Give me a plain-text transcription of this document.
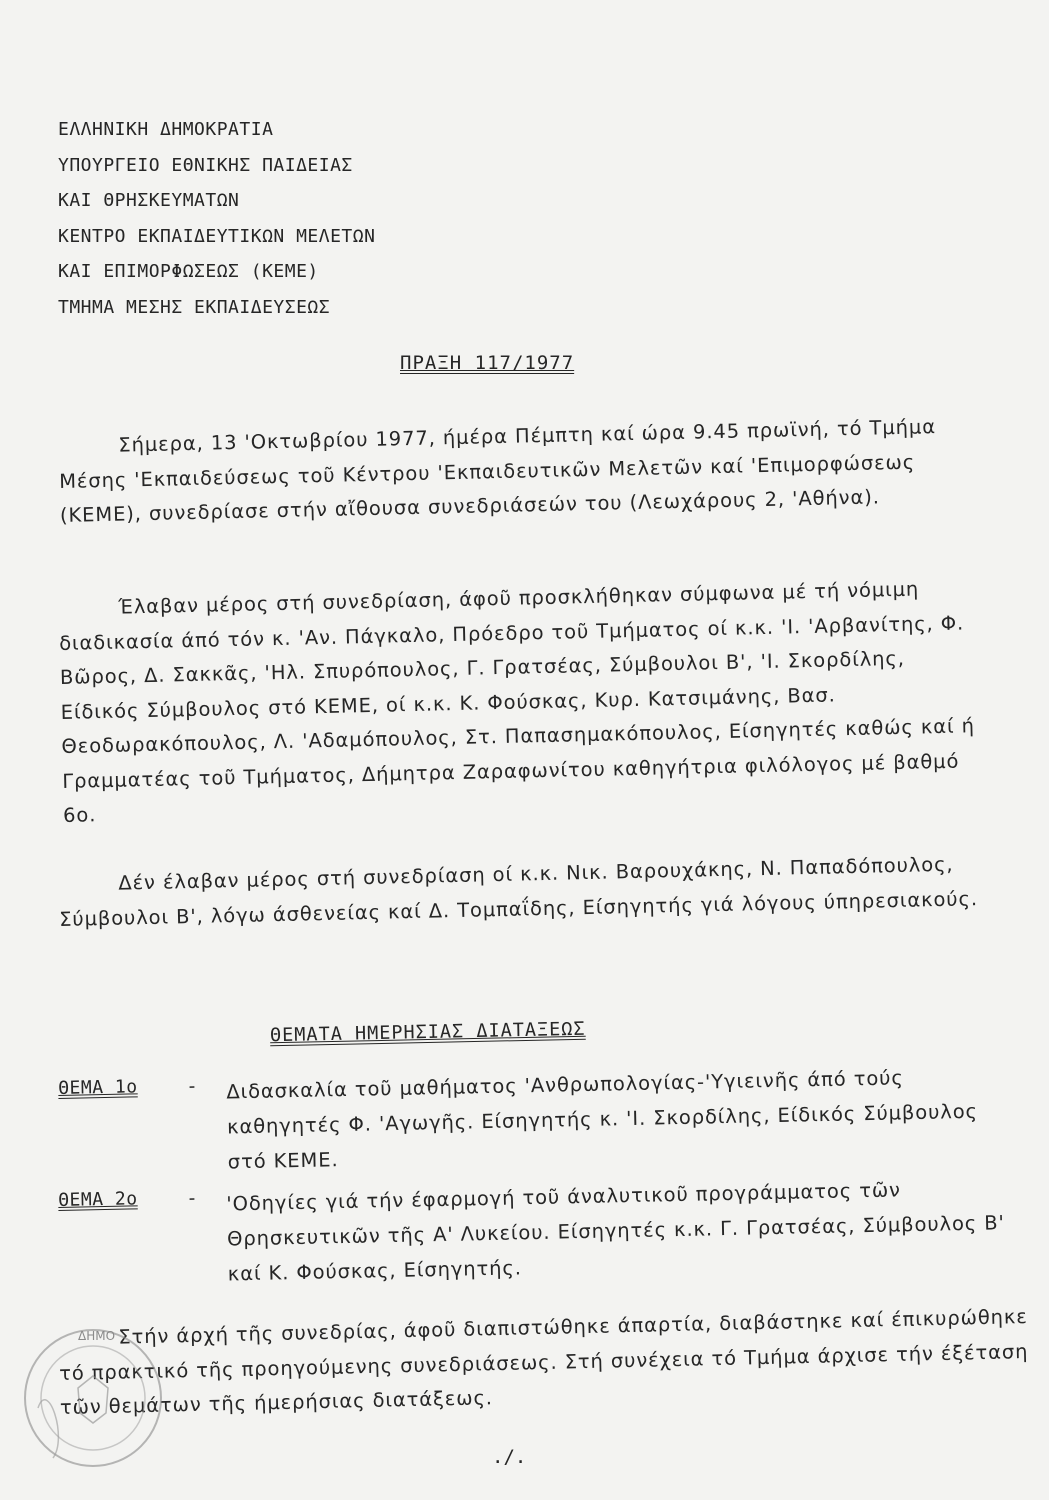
ΕΛΛΗΝΙΚΗ ΔΗΜΟΚΡΑΤΙΑ
ΥΠΟΥΡΓΕΙΟ ΕΘΝΙΚΗΣ ΠΑΙΔΕΙΑΣ
ΚΑΙ ΘΡΗΣΚΕΥΜΑΤΩΝ
ΚΕΝΤΡΟ ΕΚΠΑΙΔΕΥΤΙΚΩΝ ΜΕΛΕΤΩΝ
ΚΑΙ ΕΠΙΜΟΡΦΩΣΕΩΣ (ΚΕΜΕ)
ΤΜΗΜΑ ΜΕΣΗΣ ΕΚΠΑΙΔΕΥΣΕΩΣ
ΠΡΑΞΗ 117/1977
Σήμερα, 13 'Οκτωβρίου 1977, ήμέρα Πέμπτη καί ώρα 9.45 πρωϊνή, τό Τμήμα Μέσης 'Εκπαιδεύσεως τοῦ Κέντρου 'Εκπαιδευτικῶν Μελετῶν καί 'Επιμορφώσεως (ΚΕΜΕ), συνεδρίασε στήν αἴθουσα συνεδριάσεών του (Λεωχάρους 2, 'Αθήνα).
Έλαβαν μέρος στή συνεδρίαση, άφοῦ προσκλήθηκαν σύμφωνα μέ τή νόμιμη διαδικασία άπό τόν κ. 'Αν. Πάγκαλο, Πρόεδρο τοῦ Τμήματος οί κ.κ. 'Ι. 'Αρβανίτης, Φ. Βῶρος, Δ. Σακκᾶς, 'Ηλ. Σπυρόπουλος, Γ. Γρατσέας, Σύμβουλοι Β', 'Ι. Σκορδίλης, Είδικός Σύμβουλος στό ΚΕΜΕ, οί κ.κ. Κ. Φούσκας, Κυρ. Κατσιμάνης, Βασ. Θεοδωρακόπουλος, Λ. 'Αδαμόπουλος, Στ. Παπασημακόπουλος, Είσηγητές καθώς καί ή Γραμματέας τοῦ Τμήματος, Δήμητρα Ζαραφωνίτου καθηγήτρια φιλόλογος μέ βαθμό 6ο.
Δέν έλαβαν μέρος στή συνεδρίαση οί κ.κ. Νικ. Βαρουχάκης, Ν. Παπαδόπουλος, Σύμβουλοι Β', λόγω άσθενείας καί Δ. Τομπαΐδης, Είσηγητής γιά λόγους ύπηρεσιακούς.
ΘΕΜΑΤΑ ΗΜΕΡΗΣΙΑΣ ΔΙΑΤΑΞΕΩΣ
ΘΕΜΑ 1ο	- Διδασκαλία τοῦ μαθήματος 'Ανθρωπολογίας-'Υγιεινῆς άπό τούς καθηγητές Φ. 'Αγωγῆς. Είσηγητής κ. 'Ι. Σκορδίλης, Είδικός Σύμβουλος στό ΚΕΜΕ.
ΘΕΜΑ 2ο	- 'Οδηγίες γιά τήν έφαρμογή τοῦ άναλυτικοῦ προγράμματος τῶν Θρησκευτικῶν τῆς Α' Λυκείου. Είσηγητές κ.κ. Γ. Γρατσέας, Σύμβουλος Β' καί Κ. Φούσκας, Είσηγητής.
Στήν άρχή τῆς συνεδρίας, άφοῦ διαπιστώθηκε άπαρτία, διαβάστηκε καί έπικυρώθηκε τό πρακτικό τῆς προηγούμενης συνεδριάσεως. Στή συνέχεια τό Τμήμα άρχισε τήν έξέταση τῶν θεμάτων τῆς ήμερήσιας διατάξεως.
ΔΗΜΟ
./.
